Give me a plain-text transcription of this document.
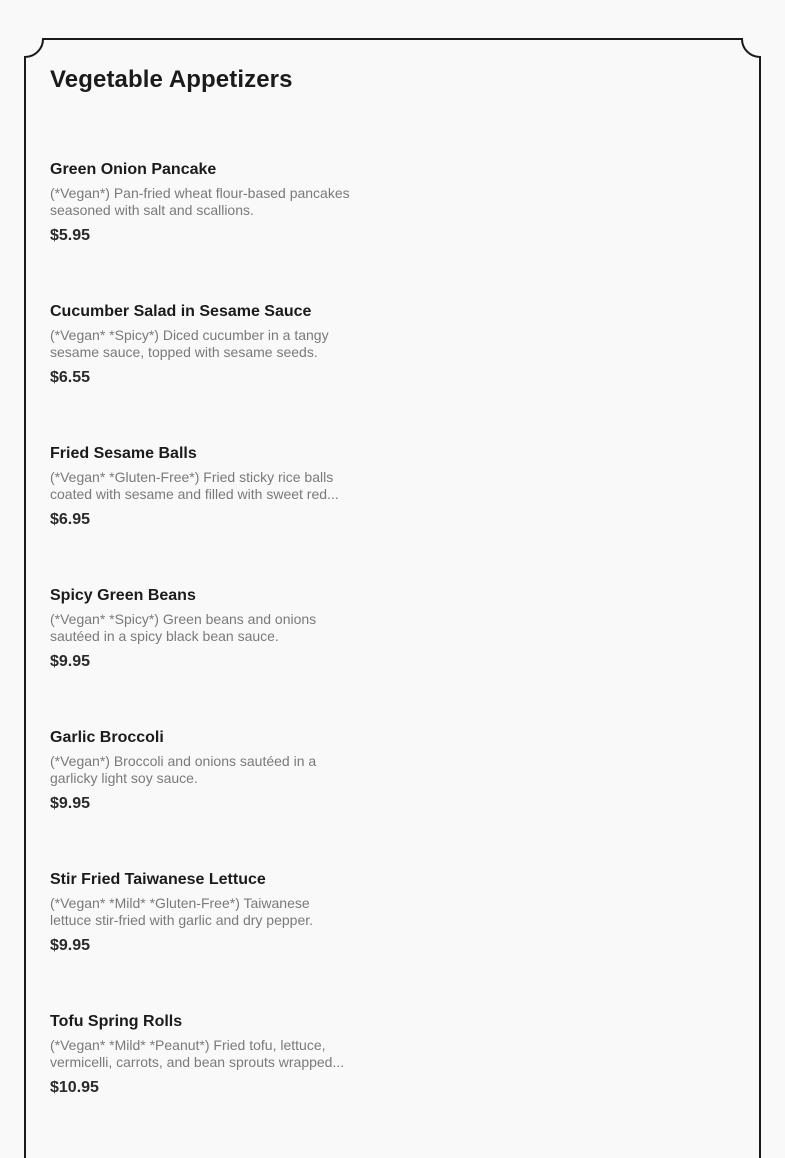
Vegetable Appetizers
Green Onion Pancake
(*Vegan*) Pan-fried wheat flour-based pancakes seasoned with salt and scallions.
$5.95
Cucumber Salad in Sesame Sauce
(*Vegan* *Spicy*) Diced cucumber in a tangy sesame sauce, topped with sesame seeds.
$6.55
Fried Sesame Balls
(*Vegan* *Gluten-Free*) Fried sticky rice balls coated with sesame and filled with sweet red...
$6.95
Spicy Green Beans
(*Vegan* *Spicy*) Green beans and onions sautéed in a spicy black bean sauce.
$9.95
Garlic Broccoli
(*Vegan*) Broccoli and onions sautéed in a garlicky light soy sauce.
$9.95
Stir Fried Taiwanese Lettuce
(*Vegan* *Mild* *Gluten-Free*) Taiwanese lettuce stir-fried with garlic and dry pepper.
$9.95
Tofu Spring Rolls
(*Vegan* *Mild* *Peanut*) Fried tofu, lettuce, vermicelli, carrots, and bean sprouts wrapped...
$10.95
